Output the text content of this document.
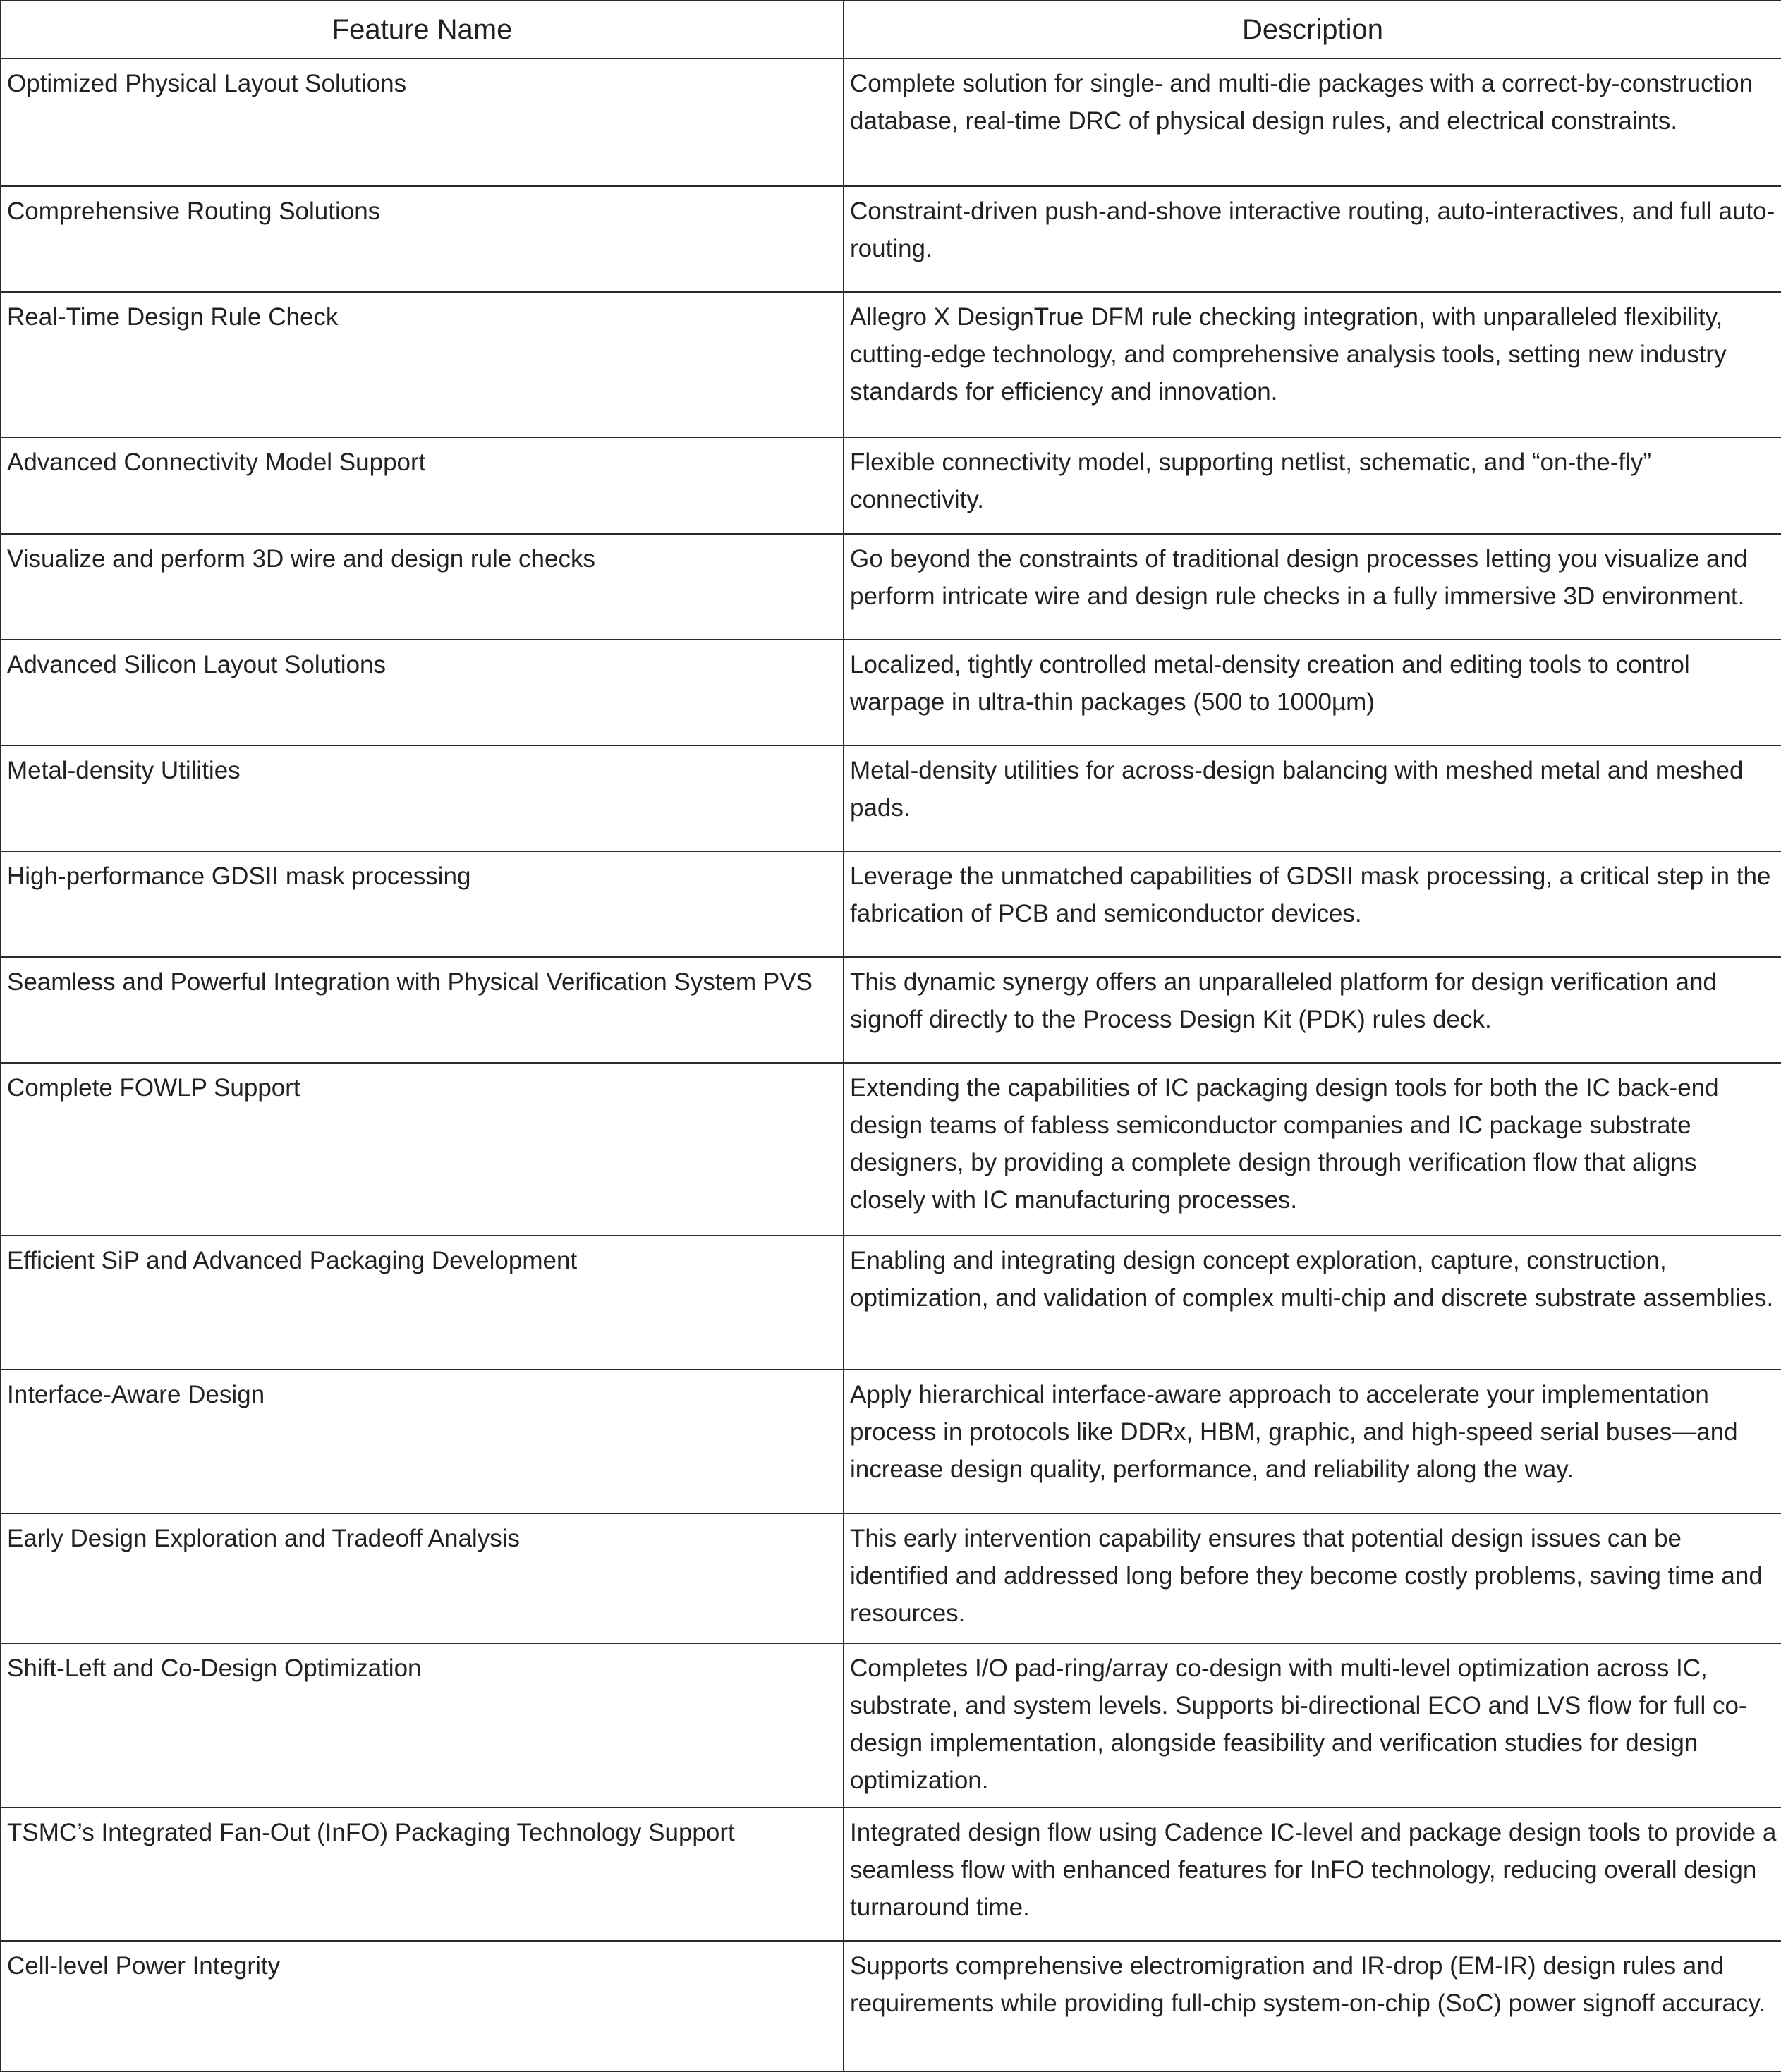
Feature Name	Description
Optimized Physical Layout Solutions	Complete solution for single- and multi-die packages with a correct-by-construction database, real-time DRC of physical design rules, and electrical constraints.
Comprehensive Routing Solutions	Constraint-driven push-and-shove interactive routing, auto-interactives, and full auto-routing.
Real-Time Design Rule Check	Allegro X DesignTrue DFM rule checking integration, with unparalleled flexibility, cutting-edge technology, and comprehensive analysis tools, setting new industry standards for efficiency and innovation.
Advanced Connectivity Model Support	Flexible connectivity model, supporting netlist, schematic, and “on-the-fly” connectivity.
Visualize and perform 3D wire and design rule checks	Go beyond the constraints of traditional design processes letting you visualize and perform intricate wire and design rule checks in a fully immersive 3D environment.
Advanced Silicon Layout Solutions	Localized, tightly controlled metal-density creation and editing tools to control warpage in ultra-thin packages (500 to 1000µm)
Metal-density Utilities	Metal-density utilities for across-design balancing with meshed metal and meshed pads.
High-performance GDSII mask processing	Leverage the unmatched capabilities of GDSII mask processing, a critical step in the fabrication of PCB and semiconductor devices.
Seamless and Powerful Integration with Physical Verification System PVS	This dynamic synergy offers an unparalleled platform for design verification and signoff directly to the Process Design Kit (PDK) rules deck.
Complete FOWLP Support	Extending the capabilities of IC packaging design tools for both the IC back-end design teams of fabless semiconductor companies and IC package substrate designers, by providing a complete design through verification flow that aligns closely with IC manufacturing processes.
Efficient SiP and Advanced Packaging Development	Enabling and integrating design concept exploration, capture, construction, optimization, and validation of complex multi-chip and discrete substrate assemblies.
Interface-Aware Design	Apply hierarchical interface-aware approach to accelerate your implementation process in protocols like DDRx, HBM, graphic, and high-speed serial buses—and increase design quality, performance, and reliability along the way.
Early Design Exploration and Tradeoff Analysis	This early intervention capability ensures that potential design issues can be identified and addressed long before they become costly problems, saving time and resources.
Shift-Left and Co-Design Optimization	Completes I/O pad-ring/array co-design with multi-level optimization across IC, substrate, and system levels. Supports bi-directional ECO and LVS flow for full co-design implementation, alongside feasibility and verification studies for design optimization.
TSMC’s Integrated Fan-Out (InFO) Packaging Technology Support	Integrated design flow using Cadence IC-level and package design tools to provide a seamless flow with enhanced features for InFO technology, reducing overall design turnaround time.
Cell-level Power Integrity	Supports comprehensive electromigration and IR-drop (EM-IR) design rules and requirements while providing full-chip system-on-chip (SoC) power signoff accuracy.
